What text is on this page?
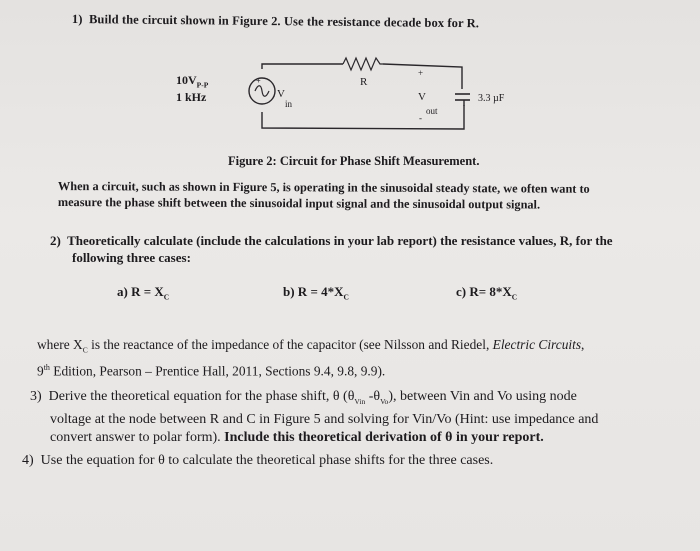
1) Build the circuit shown in Figure 2. Use the resistance decade box for R.
$10V_{P-P}$
1 kHz
+
V
in
R
+
V
out
-
3.3 µF
Figure 2: Circuit for Phase Shift Measurement.
When a circuit, such as shown in Figure 5, is operating in the sinusoidal steady state, we often want to
measure the phase shift between the sinusoidal input signal and the sinusoidal output signal.
2) Theoretically calculate (include the calculations in your lab report) the resistance values, R, for the
following three cases:
a) $R = X_C$	b) $R = 4*X_C$	c) $R= 8*X_C$
where $X_C$ is the reactance of the impedance of the capacitor (see Nilsson and Riedel, Electric Circuits,
9th Edition, Pearson – Prentice Hall, 2011, Sections 9.4, 9.8, 9.9).
3) Derive the theoretical equation for the phase shift, θ ($\theta_{Vin}$ $-\theta_{Vo}$), between Vin and Vo using node
voltage at the node between R and C in Figure 5 and solving for Vin/Vo (Hint: use impedance and
convert answer to polar form). Include this theoretical derivation of θ in your report.
4) Use the equation for θ to calculate the theoretical phase shifts for the three cases.
